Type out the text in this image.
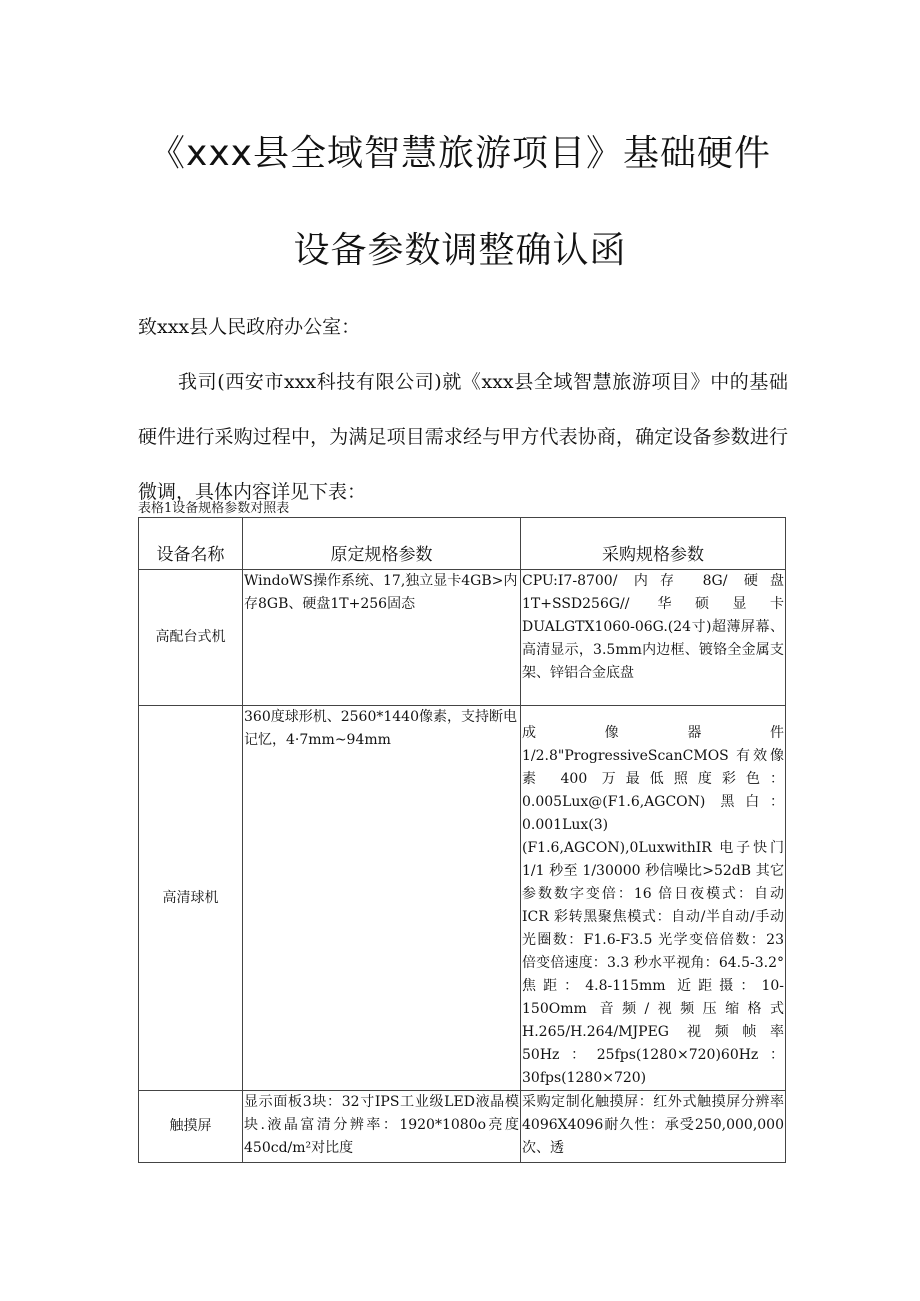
《xxx县全域智慧旅游项目》基础硬件
设备参数调整确认函
致xxx县人民政府办公室：
我司(西安市xxx科技有限公司)就《xxx县全域智慧旅游项目》中的基础硬件进行采购过程中，为满足项目需求经与甲方代表协商，确定设备参数进行微调，具体内容详见下表：
表格1设备规格参数对照表
设备名称	原定规格参数	采购规格参数
高配台式机	WindoWS操作系统、17,独立显卡4GB>内存8GB、硬盘1T+256固态	CPU:I7-8700/ 内存 8G/ 硬盘 1T+SSD256G// 华硕显卡 DUALGTX1060-06G.(24寸)超薄屏幕、高清显示，3.5mm内边框、镀铬全金属支架、锌铝合金底盘
高清球机	360度球形机、2560*1440像素，支持断电记忆，4·7mm~94mm	成像器件 1/2.8"ProgressiveScanCMOS 有效像素 400 万最低照度彩色：0.005Lux@(F1.6,AGCON) 黑白：0.001Lux(3)(F1.6,AGCON),0LuxwithIR 电子快门 1/1 秒至 1/30000 秒信噪比>52dB 其它参数数字变倍：16 倍日夜模式：自动 ICR 彩转黑聚焦模式：自动/半自动/手动光圈数：F1.6-F3.5 光学变倍倍数：23 倍变倍速度：3.3 秒水平视角：64.5-3.2°焦距：4.8-115mm 近距摄：10-150Omm 音频/视频压缩格式 H.265/H.264/MJPEG 视频帧率 50Hz：25fps(1280×720)60Hz：30fps(1280×720)
触摸屏	显示面板3块：32寸IPS工业级LED液晶模块.液晶富清分辨率：1920*1080o亮度450cd/m²对比度	采购定制化触摸屏：红外式触摸屏分辨率4096X4096耐久性：承受250,000,000次、透
